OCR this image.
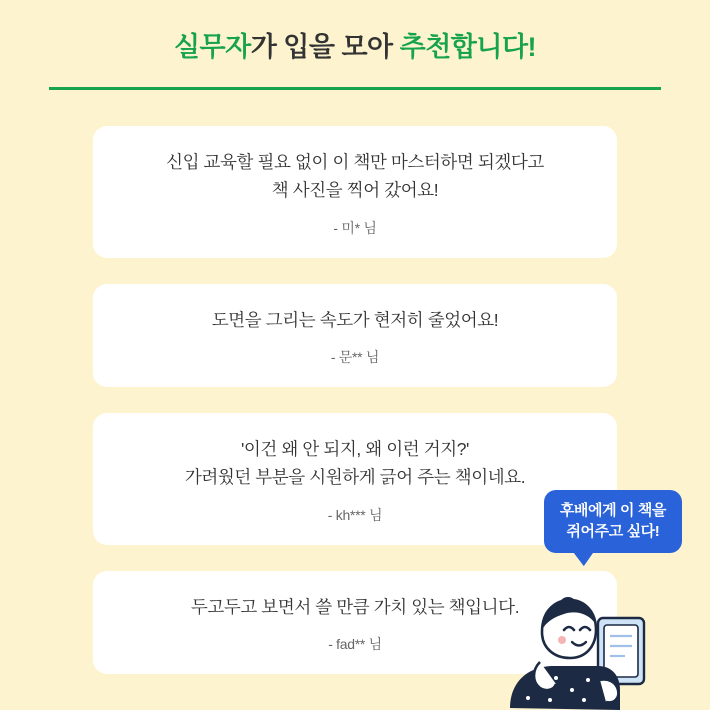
실무자가 입을 모아 추천합니다!
신입 교육할 필요 없이 이 책만 마스터하면 되겠다고
책 사진을 찍어 갔어요!
- 미* 님
도면을 그리는 속도가 현저히 줄었어요!
- 문** 님
'이건 왜 안 되지, 왜 이런 거지?'
가려웠던 부분을 시원하게 긁어 주는 책이네요.
- kh*** 님
두고두고 보면서 쓸 만큼 가치 있는 책입니다.
- fad** 님
후배에게 이 책을
쥐어주고 싶다!
